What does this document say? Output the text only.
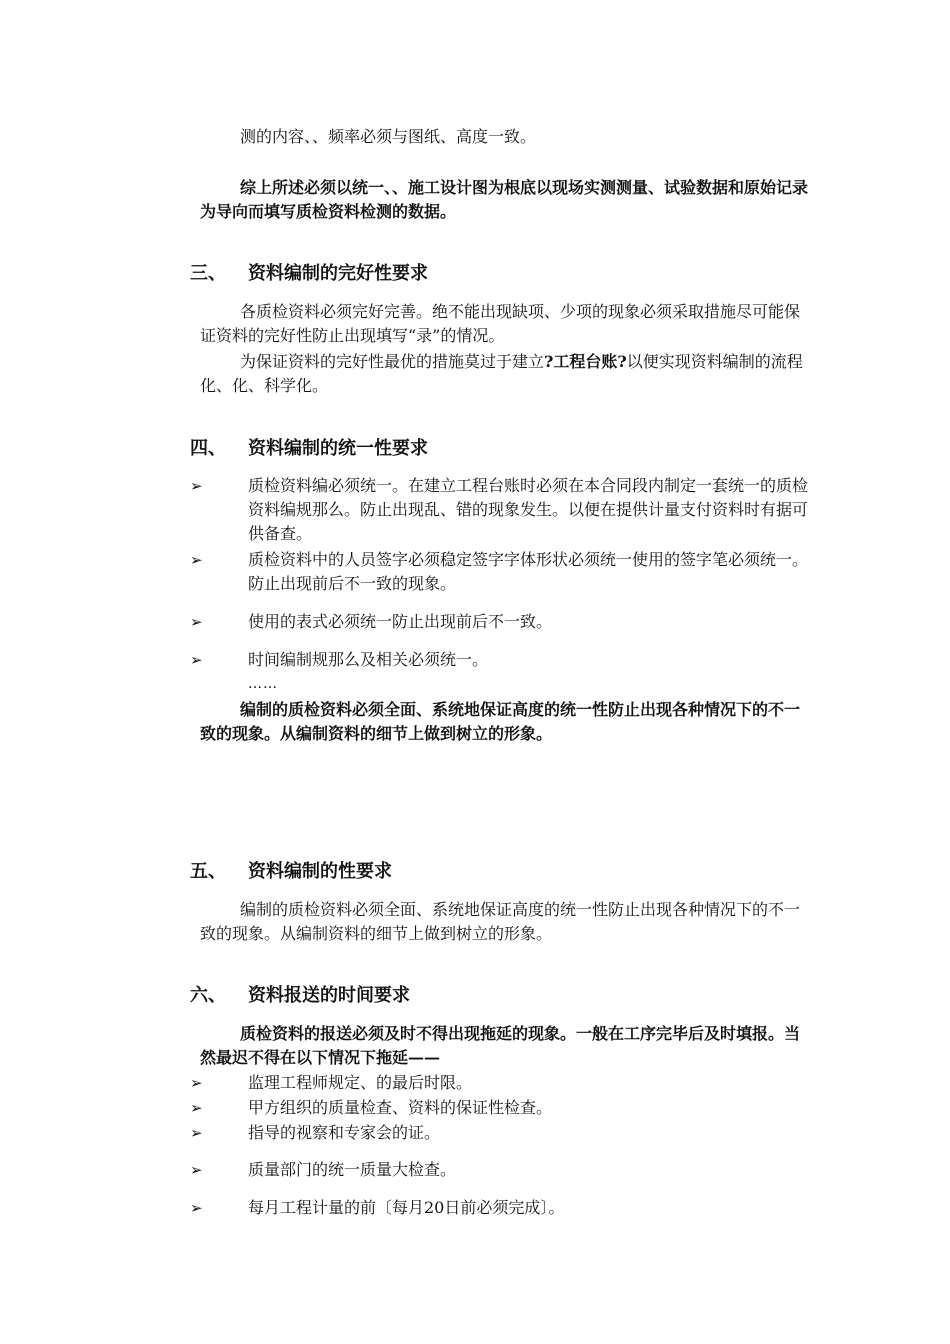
测的内容、、频率必须与图纸、高度一致。

综上所述必须以统一、、施工设计图为根底以现场实测测量、试验数据和原始记录为导向而填写质检资料检测的数据。

三、 资料编制的完好性要求

各质检资料必须完好完善。绝不能出现缺项、少项的现象必须采取措施尽可能保证资料的完好性防止出现填写“录”的情况。

为保证资料的完好性最优的措施莫过于建立?工程台账?以便实现资料编制的流程化、化、科学化。

四、 资料编制的统一性要求
➢	质检资料编必须统一。在建立工程台账时必须在本合同段内制定一套统一的质检资料编规那么。防止出现乱、错的现象发生。以便在提供计量支付资料时有据可供备查。
➢	质检资料中的人员签字必须稳定签字字体形状必须统一使用的签字笔必须统一。防止出现前后不一致的现象。
➢	使用的表式必须统一防止出现前后不一致。
➢	时间编制规那么及相关必须统一。
……

编制的质检资料必须全面、系统地保证高度的统一性防止出现各种情况下的不一致的现象。从编制资料的细节上做到树立的形象。

五、 资料编制的性要求

编制的质检资料必须全面、系统地保证高度的统一性防止出现各种情况下的不一致的现象。从编制资料的细节上做到树立的形象。

六、 资料报送的时间要求

质检资料的报送必须及时不得出现拖延的现象。一般在工序完毕后及时填报。当然最迟不得在以下情况下拖延——

➢	监理工程师规定、的最后时限。
➢	甲方组织的质量检查、资料的保证性检查。
➢	指导的视察和专家会的证。
➢	质量部门的统一质量大检查。
➢	每月工程计量的前〔每月20日前必须完成〕。
